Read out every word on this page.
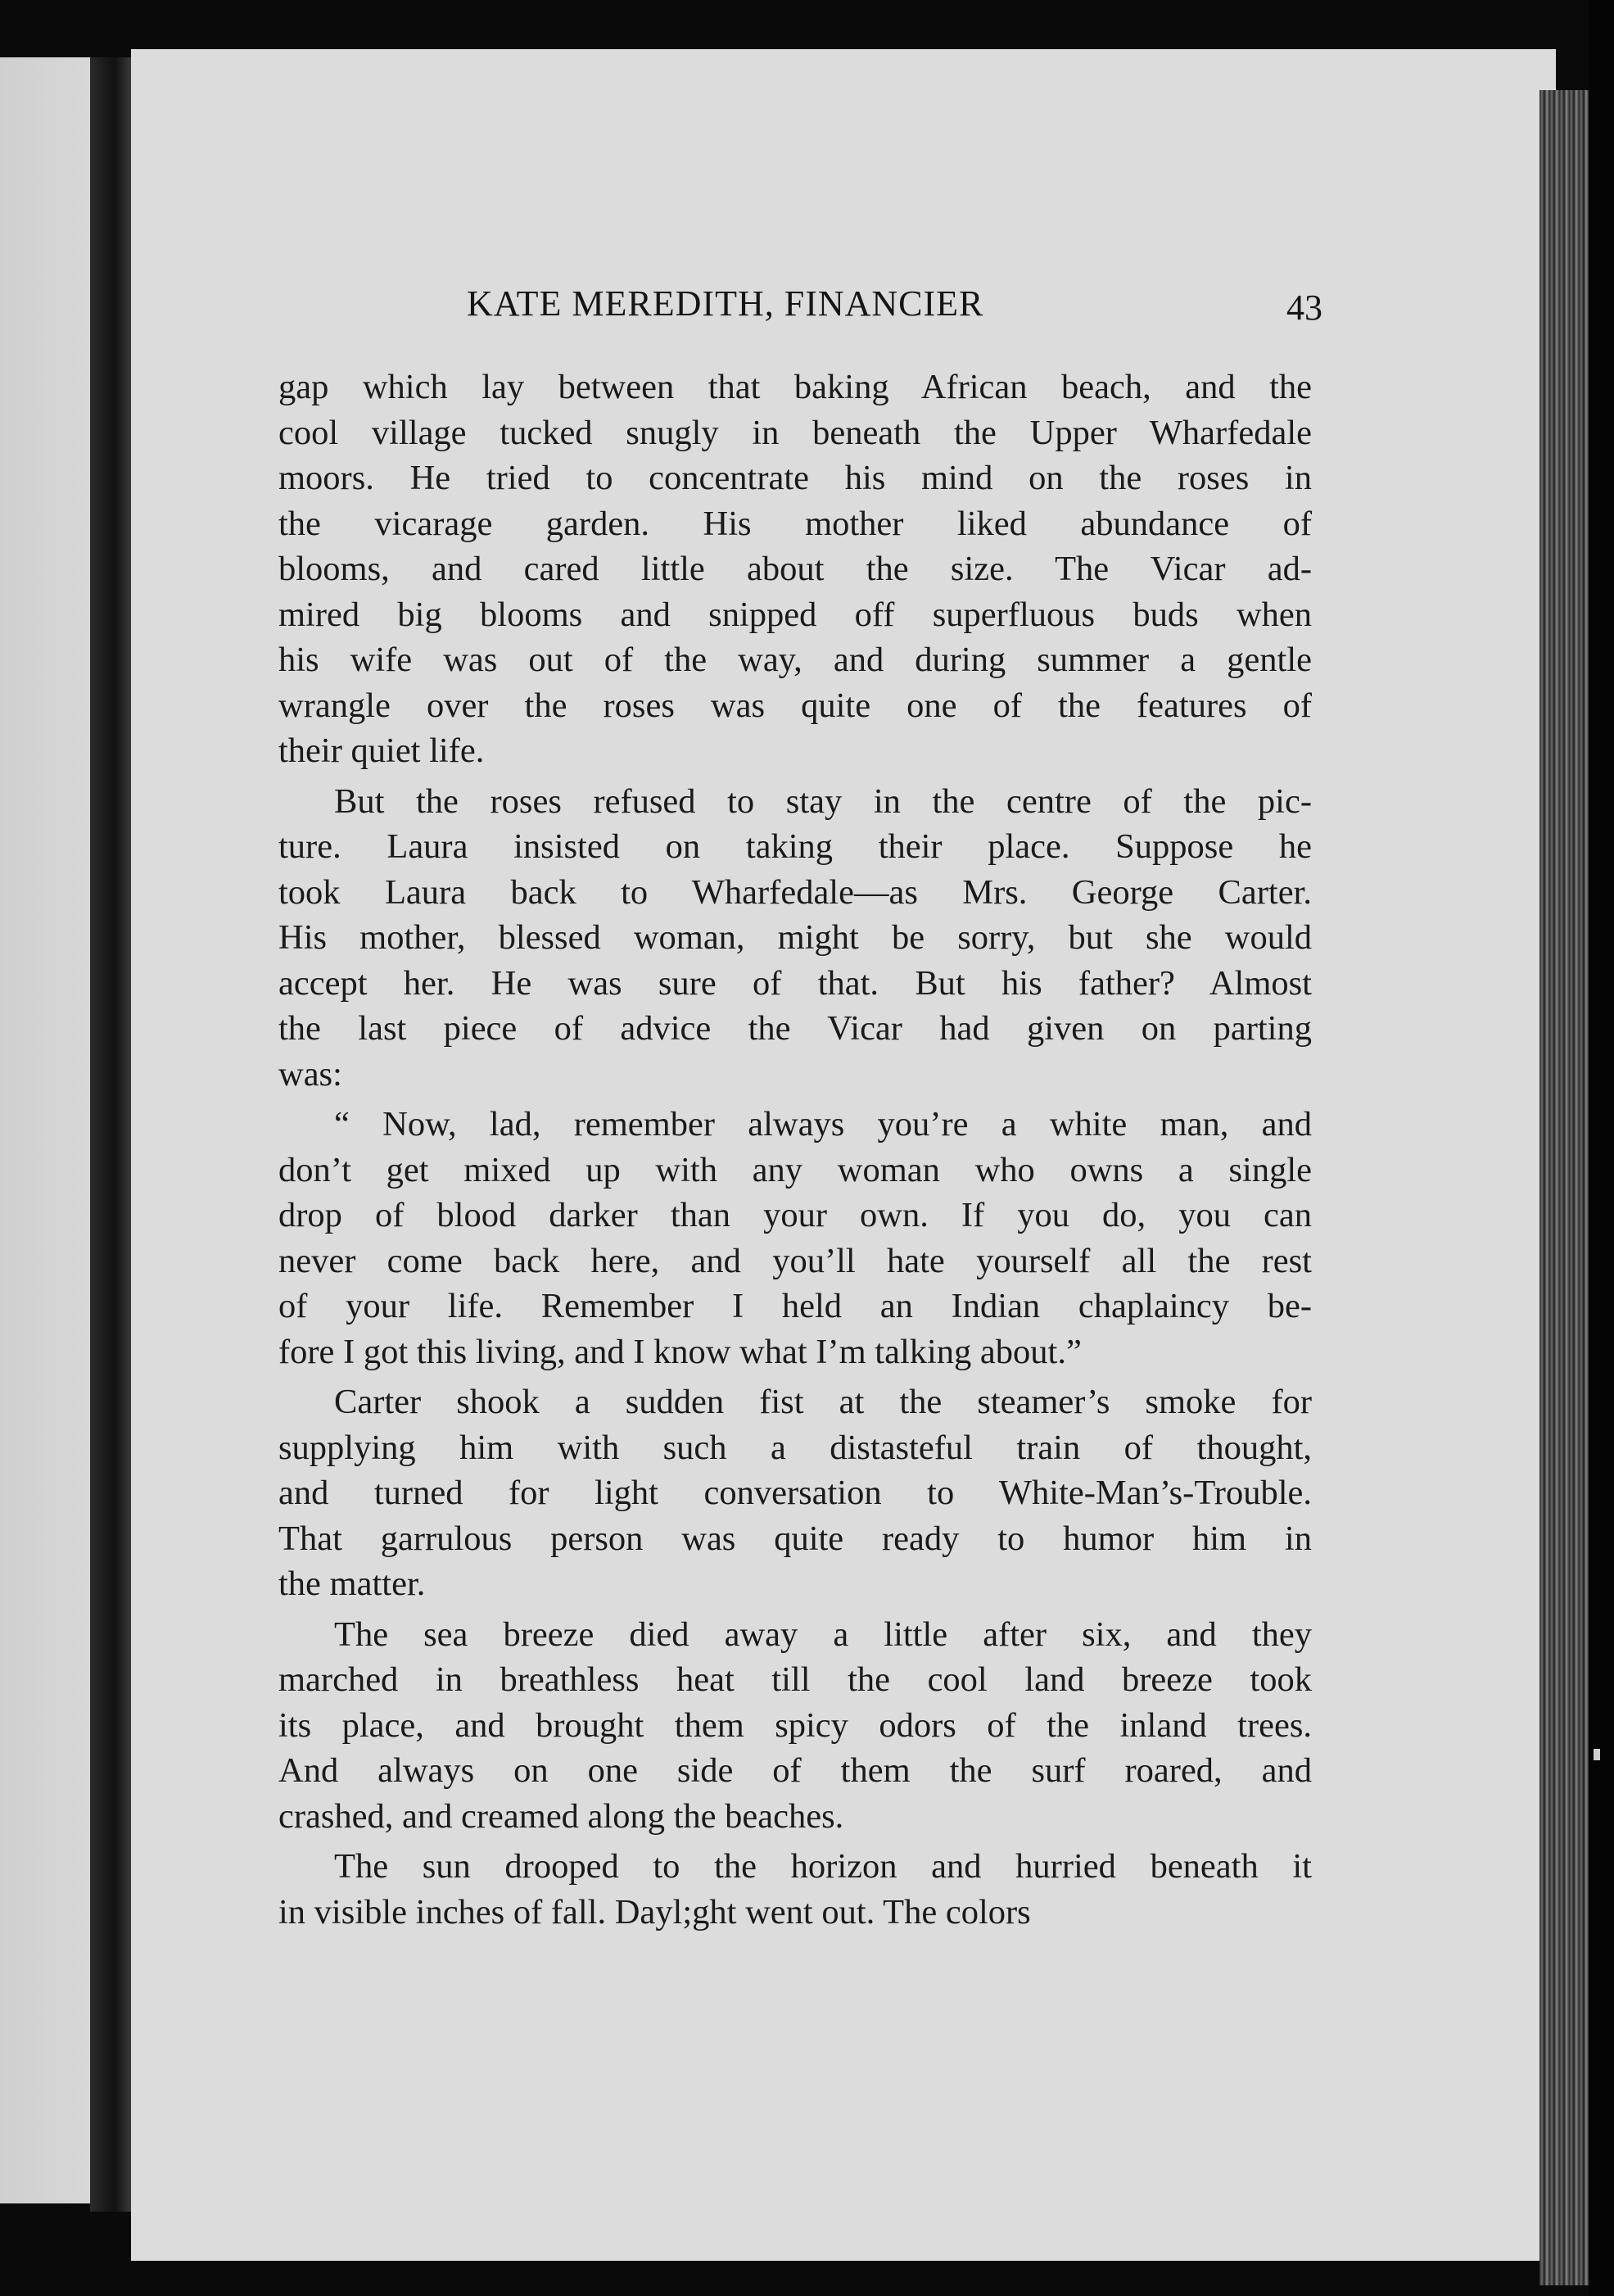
KATE MEREDITH, FINANCIER	43
gap which lay between that baking African beach, and the
cool village tucked snugly in beneath the Upper Wharfedale
moors. He tried to concentrate his mind on the roses in
the vicarage garden. His mother liked abundance of
blooms, and cared little about the size. The Vicar ad-
mired big blooms and snipped off superfluous buds when
his wife was out of the way, and during summer a gentle
wrangle over the roses was quite one of the features of
their quiet life.
But the roses refused to stay in the centre of the pic-
ture. Laura insisted on taking their place. Suppose he
took Laura back to Wharfedale—as Mrs. George Carter.
His mother, blessed woman, might be sorry, but she would
accept her. He was sure of that. But his father? Almost
the last piece of advice the Vicar had given on parting
was:
“ Now, lad, remember always you’re a white man, and
don’t get mixed up with any woman who owns a single
drop of blood darker than your own. If you do, you can
never come back here, and you’ll hate yourself all the rest
of your life. Remember I held an Indian chaplaincy be-
fore I got this living, and I know what I’m talking about.”
Carter shook a sudden fist at the steamer’s smoke for
supplying him with such a distasteful train of thought,
and turned for light conversation to White-Man’s-Trouble.
That garrulous person was quite ready to humor him in
the matter.
The sea breeze died away a little after six, and they
marched in breathless heat till the cool land breeze took
its place, and brought them spicy odors of the inland trees.
And always on one side of them the surf roared, and
crashed, and creamed along the beaches.
The sun drooped to the horizon and hurried beneath it
in visible inches of fall. Dayl;ght went out. The colors
